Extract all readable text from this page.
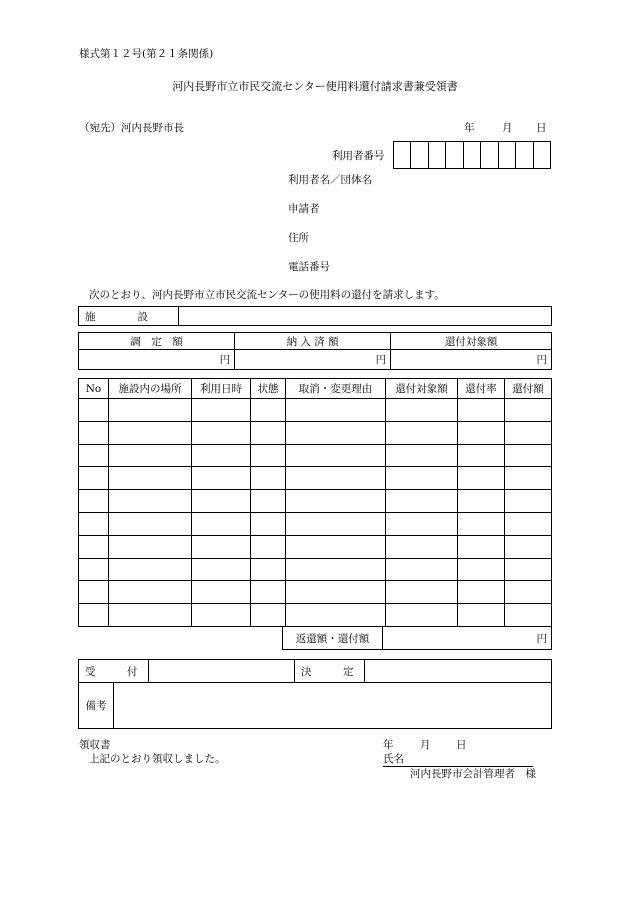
様式第１２号(第２１条関係)
河内長野市立市民交流センター使用料還付請求書兼受領書
（宛先）河内長野市長	年	月 日
利用者番号

利用者名／団体名
申請者
住所
電話番号
次のとおり、河内長野市立市民交流センターの使用料の還付を請求します。
施　　　　設	
調　定　額	納 入 済 額	還付対象額
円	円	円
No	施設内の場所	利用日時	状態	取消・変更理由	還付対象額	還付率	還付額

返還額・還付額	円
受　　　付		決　　　定	
備考	
領収書
上記のとおり領収しました。
年	月 日
氏名
河内長野市会計管理者　様
